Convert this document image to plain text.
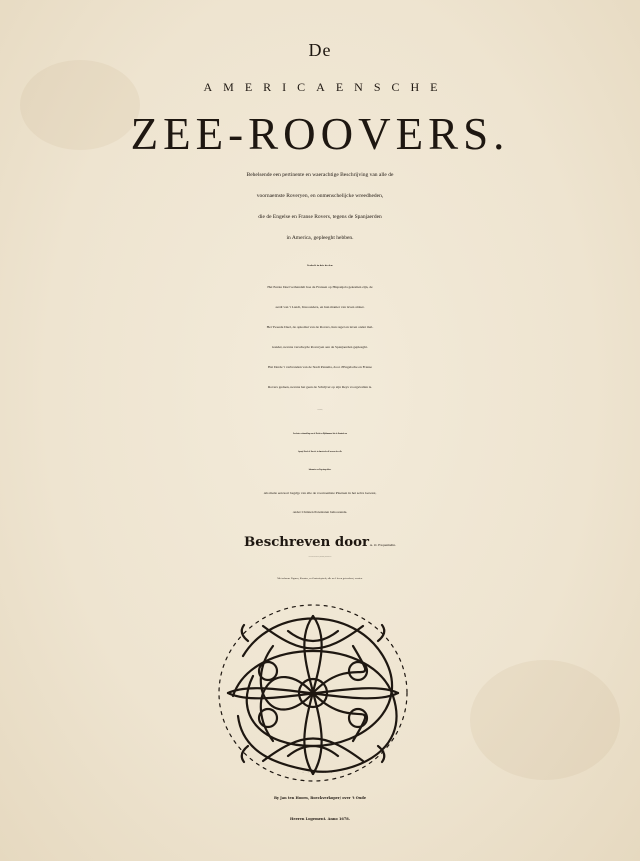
De
AMERICAENSCHE
ZEE-ROOVERS.
Behelsende een pertinente en waerachtige Beschrijving van alle de
voornaemste Roveryen, en onmenschelijcke wreedheden,
die de Engelse en Franse Rovers, tegens de Spanjaerden
in America, gepleeght hebben.
Verdeelt in drie deelen:
Het Eerste Deel verhandelt hoe de Fransen op Hispanjola gekomen zijn, de
aerdt van 't Landt, Inwoonders, en hun manier van leven aldaer.
Het Tweede Deel, de opkomst van de Rovers, hun regel en leven onder mal-
kander, nevens verscheyde Roveryen aen de Spanjaerden gepleeght.
Het Derde 't verbranden van de Stadt Panama, door d'Engelsche en Franse
Rovers gedaen, nevens het geen de Schrijver op sijn Reys voorgevallen is.
Een korte verhandeling van de Macht en Rijkdommen/ die de Koninck van
Spanje/ Karel de Tweede, in America heeft/ nevens des selfs
Inkomsten en Regering aldaer.
Als mede een kort begrijp van alle de voornaemste Plaetsen in het selve Gewest,
onder Christen Potentaten behoorende.
Beschreven door A. O. Exquemelin.
Die self alle dese Roveryen, door noodt, bygewoont heeft.
Met schoone Figuren, Kaerten, en Conterfeytsels, alle na 't leven geteeckent, versien.
t'AMSTERDAM,
By Jan ten Hoorn, Boeckverkoper/ over 't Oude
Heeren Logement. Anno 1678.
